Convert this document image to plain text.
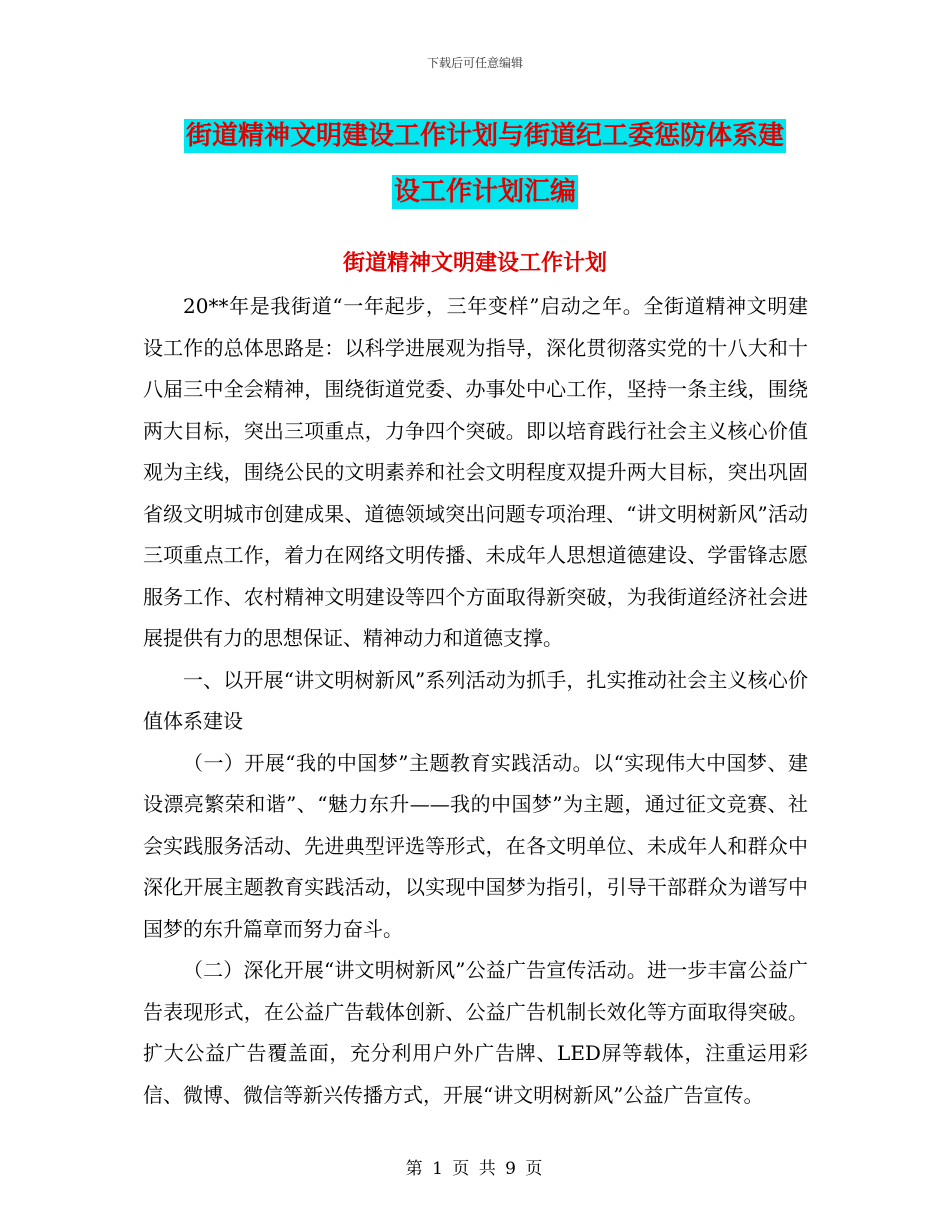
下载后可任意编辑
街道精神文明建设工作计划与街道纪工委惩防体系建
设工作计划汇编
街道精神文明建设工作计划

20**年是我街道“一年起步，三年变样”启动之年。全街道精神文明建设工作的总体思路是：以科学进展观为指导，深化贯彻落实党的十八大和十八届三中全会精神，围绕街道党委、办事处中心工作，坚持一条主线，围绕两大目标，突出三项重点，力争四个突破。即以培育践行社会主义核心价值观为主线，围绕公民的文明素养和社会文明程度双提升两大目标，突出巩固省级文明城市创建成果、道德领域突出问题专项治理、“讲文明树新风”活动三项重点工作，着力在网络文明传播、未成年人思想道德建设、学雷锋志愿服务工作、农村精神文明建设等四个方面取得新突破，为我街道经济社会进展提供有力的思想保证、精神动力和道德支撑。

一、以开展“讲文明树新风”系列活动为抓手，扎实推动社会主义核心价值体系建设

（一）开展“我的中国梦”主题教育实践活动。以“实现伟大中国梦、建设漂亮繁荣和谐”、“魅力东升——我的中国梦”为主题，通过征文竞赛、社会实践服务活动、先进典型评选等形式，在各文明单位、未成年人和群众中深化开展主题教育实践活动，以实现中国梦为指引，引导干部群众为谱写中国梦的东升篇章而努力奋斗。

（二）深化开展“讲文明树新风”公益广告宣传活动。进一步丰富公益广告表现形式，在公益广告载体创新、公益广告机制长效化等方面取得突破。扩大公益广告覆盖面，充分利用户外广告牌、LED屏等载体，注重运用彩信、微博、微信等新兴传播方式，开展“讲文明树新风”公益广告宣传。

第 1 页 共 9 页
